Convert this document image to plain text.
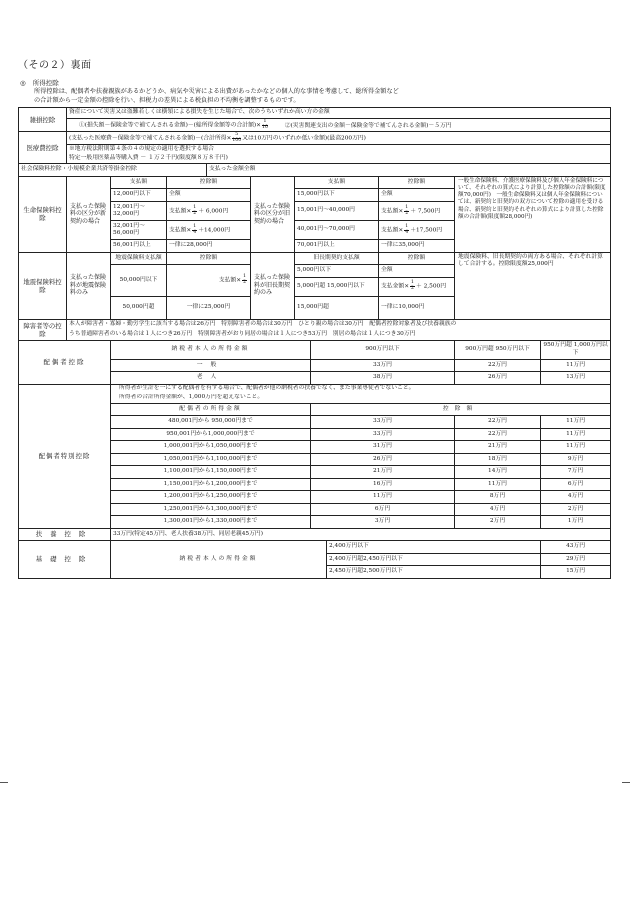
（その２）裏面
◎ 所得控除
所得控除は、配偶者や扶養親族があるかどうか、病気や災害による出費があったかなどの個人的な事情を考慮して、総所得金額など
の合計額から一定金額の控除を行い、担税力の差異による税負担の不均衡を調整するものです。
雑損控除	資産について災害又は盗難若しくは横領による損失を生じた場合で、次のうちいずれか高い方の金額										
	①(損失額－保険金等で補てんされる金額)－(総所得金額等の合計額)× $\frac{1}{10}$ ②(災害関連支出の金額－保険金等で補てんされる金額)－５万円										
医療費控除	(支払った医療費－保険金等で補てんされる金額)－(合計所得× $\frac{5}{100}$ 又は10万円のいずれか低い金額)(最高200万円)										
	※地方税法附則第４条の４の規定の適用を選択する場合										
	特定一般用医薬品等購入費 － １万２千円(限度額８万８千円)										
社会保険料控除・小規模企業共済等掛金控除				支払った金額全額							
生命保険料控除	支払った保険料の区分が新契約の場合	支払額	控除額		支払った保険料の区分が旧契約の場合	支払額			控除額	一般生命保険料、介護医療保険料及び個人年金保険料について、それぞれの算式により計算した控除額の合計額(限度額70,000円)　一般生命保険料又は個人年金保険料については、新契約と旧契約の双方について控除の適用を受ける場合、新契約と旧契約それぞれの算式により計算した控除額の合計額(限度額28,000円)	
		12,000円以下	全額			15,000円以下			全額		
		12,001円～32,000円	支払額× $\frac{1}{2} + 6,000$円			15,001円～40,000円			支払額× $\frac{1}{2} + 7,500$円		
		32,001円～56,000円	支払額× $\frac{1}{4} +14,000$円			40,001円～70,000円			支払額× $\frac{1}{4} +17,500$円		
		56,001円以上	一律に28,000円			70,001円以上			一律に35,000円		
地震保険料控除	支払った保険料が地震保険料のみ	地震保険料支払額	控除額		支払った保険料が旧長期契約のみ	旧長期契約支払額			控除額	地震保険料、旧長期契約の両方ある場合、それぞれ計算して合計する。控除限度額25,000円	
		50,000円以下	支払額× $\frac{1}{2}$			5,000円以下			全額		
						5,000円超 15,000円以下			支払金額× $\frac{1}{2} + 2,500$円		
		50,000円超	一律に25,000円			15,000円超			一律に10,000円		
障害者等の控除	本人が障害者・寡婦・勤労学生に該当する場合は26万円　特別障害者の場合は30万円　ひとり親の場合は30万円　配偶者控除対象者及び扶養親族の										
	うち普通障害者のいる場合は１人につき26万円　特別障害者がおり同居の場合は１人につき53万円　別居の場合は１人につき30万円										
配偶者控除		納税者本人の所得金額					900万円以下			900万円超 950万円以下	950万円超 1,000万円以下
		一般					33万円			22万円	11万円
		老人					38万円			26万円	13万円
配偶者特別控除		所得者が生計を一にする配偶者を有する場合で、配偶者が他の納税者の扶養でなく、また事業専従者でないこと。									
		所得者の合計所得金額が、1,000万円を超えないこと。									
		配偶者の所得金額					控除額				
		480,001円から 950,000円まで					33万円			22万円	11万円
		950,001円から1,000,000円まで					33万円			22万円	11万円
		1,000,001円から1,050,000円まで					31万円			21万円	11万円
		1,050,001円から1,100,000円まで					26万円			18万円	9万円
		1,100,001円から1,150,000円まで					21万円			14万円	7万円
		1,150,001円から1,200,000円まで					16万円			11万円	6万円
		1,200,001円から1,250,000円まで					11万円			8万円	4万円
		1,250,001円から1,300,000円まで					6万円			4万円	2万円
		1,300,001円から1,330,000円まで					3万円			2万円	1万円
扶養控除		33万円(特定45万円、老人扶養38万円、同居老親45万円)									
基礎控除		納税者本人の所得金額						2,400万円以下			43万円
								2,400万円超2,450万円以下			29万円
								2,450万円超2,500万円以下			15万円
